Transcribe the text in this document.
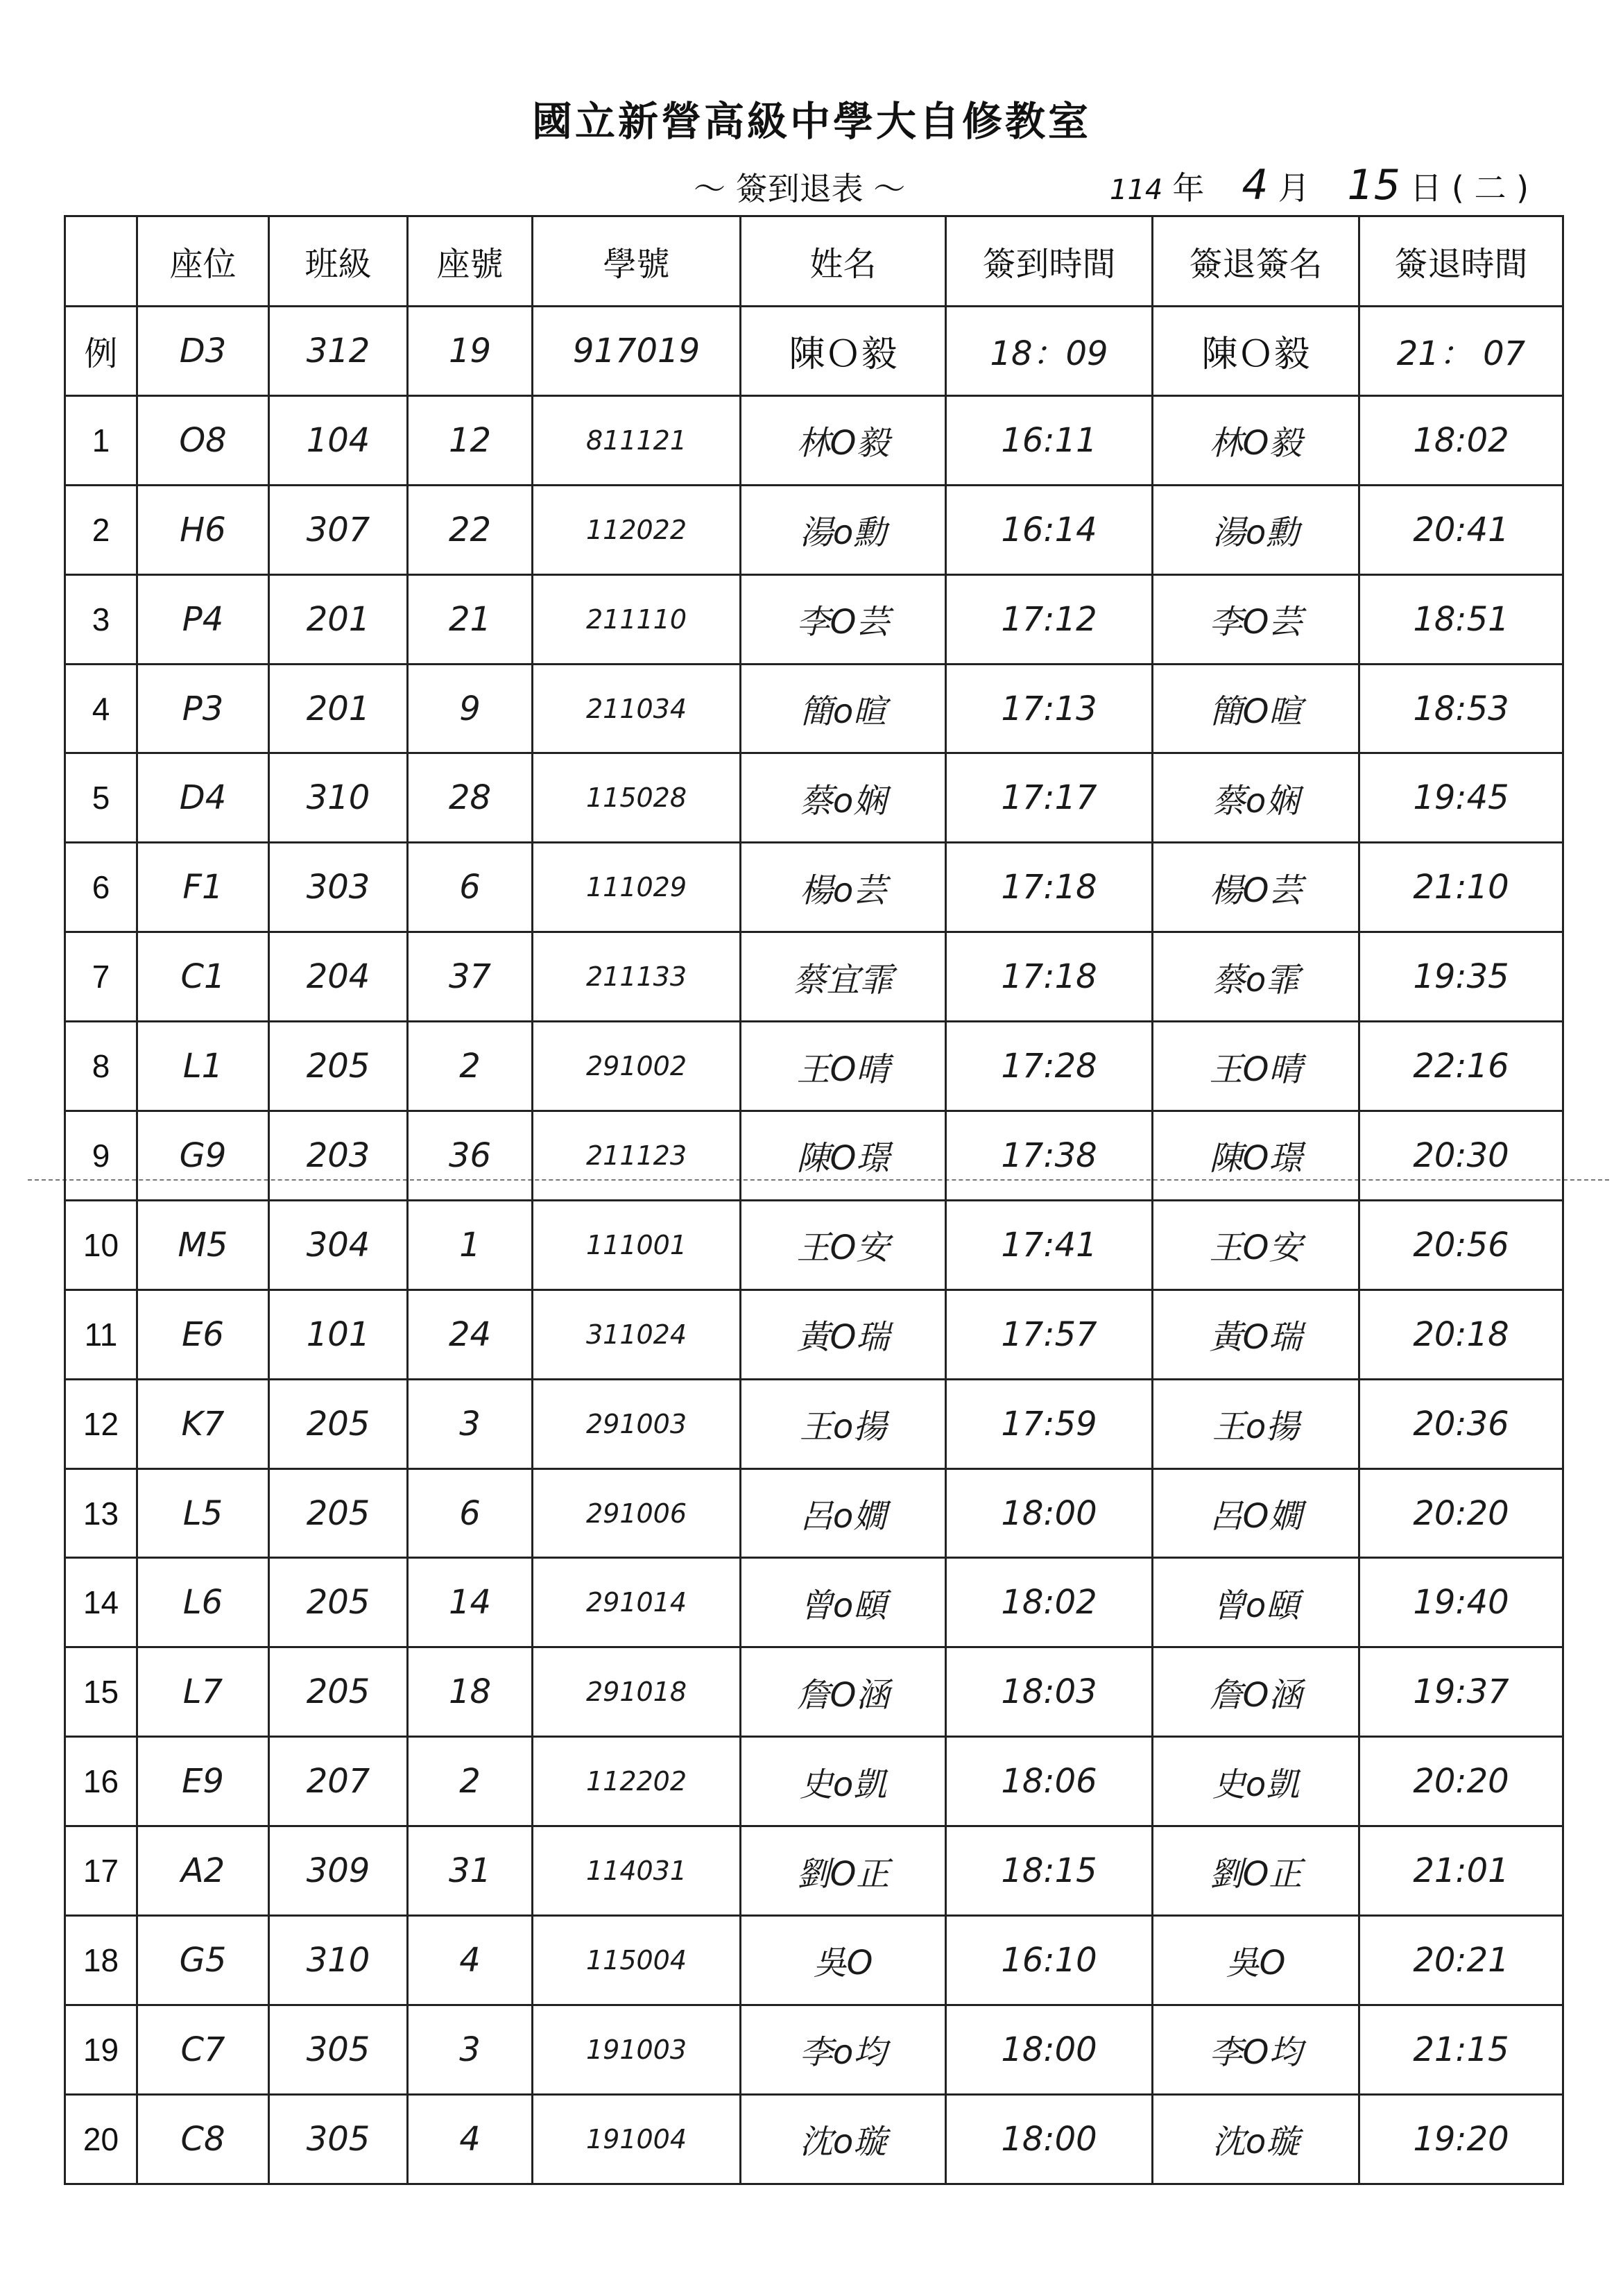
國立新營高級中學大自修教室
～ 簽到退表 ～	114 年 4 月 15 日 ( 二 )
	座位	班級	座號	學號	姓名	簽到時間	簽退簽名	簽退時間
例	D3	312	19	917019	陳Ｏ毅	18：09	陳Ｏ毅	21： 07
1	O8	104	12	811121	林O毅	16:11	林O毅	18:02
2	H6	307	22	112022	湯o勳	16:14	湯o勳	20:41
3	P4	201	21	211110	李O芸	17:12	李O芸	18:51
4	P3	201	9	211034	簡o暄	17:13	簡O暄	18:53
5	D4	310	28	115028	蔡o娴	17:17	蔡o娴	19:45
6	F1	303	6	111029	楊o芸	17:18	楊O芸	21:10
7	C1	204	37	211133	蔡宜霏	17:18	蔡o霏	19:35
8	L1	205	2	291002	王O晴	17:28	王O晴	22:16
9	G9	203	36	211123	陳O璟	17:38	陳O璟	20:30
10	M5	304	1	111001	王O安	17:41	王O安	20:56
11	E6	101	24	311024	黃O瑞	17:57	黃O瑞	20:18
12	K7	205	3	291003	王o揚	17:59	王o揚	20:36
13	L5	205	6	291006	呂o嫺	18:00	呂O嫺	20:20
14	L6	205	14	291014	曾o頤	18:02	曾o頤	19:40
15	L7	205	18	291018	詹O涵	18:03	詹O涵	19:37
16	E9	207	2	112202	史o凱	18:06	史o凱	20:20
17	A2	309	31	114031	劉O正	18:15	劉O正	21:01
18	G5	310	4	115004	吳O	16:10	吳O	20:21
19	C7	305	3	191003	李o均	18:00	李O均	21:15
20	C8	305	4	191004	沈o璇	18:00	沈o璇	19:20
